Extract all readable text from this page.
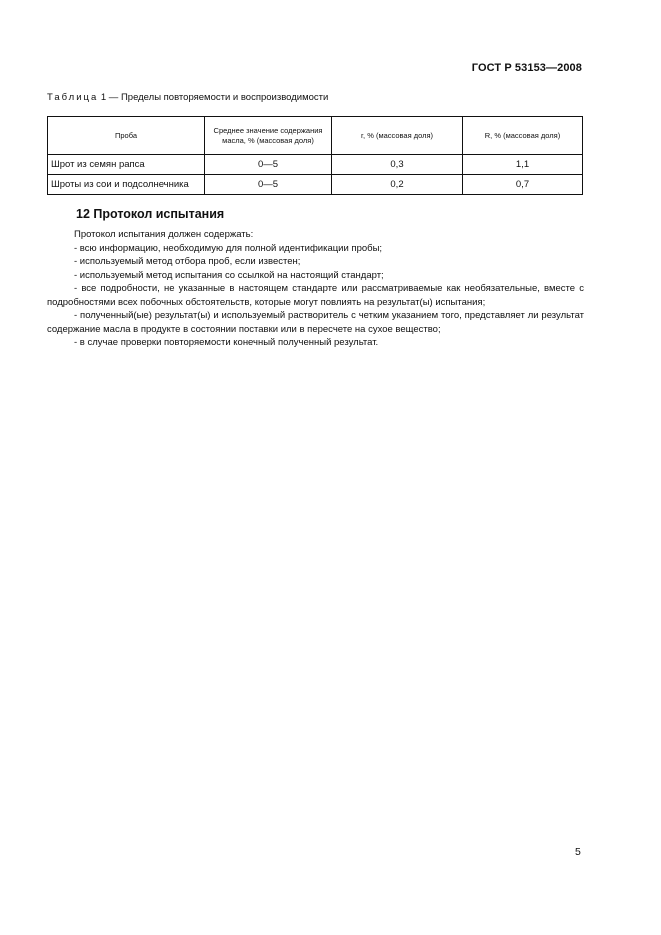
ГОСТ Р 53153—2008
Таблица 1 — Пределы повторяемости и воспроизводимости
Проба	Среднее значение содержания масла, % (массовая доля)	r, % (массовая доля)	R, % (массовая доля)
Шрот из семян рапса	0—5	0,3	1,1
Шроты из сои и подсолнечника	0—5	0,2	0,7
12 Протокол испытания

Протокол испытания должен содержать:

- всю информацию, необходимую для полной идентификации пробы;

- используемый метод отбора проб, если известен;

- используемый метод испытания со ссылкой на настоящий стандарт;

- все подробности, не указанные в настоящем стандарте или рассматриваемые как необязательные, вместе с подробностями всех побочных обстоятельств, которые могут повлиять на результат(ы) испытания;

- полученный(ые) результат(ы) и используемый растворитель с четким указанием того, представляет ли результат содержание масла в продукте в состоянии поставки или в пересчете на сухое вещество;

- в случае проверки повторяемости конечный полученный результат.

5
